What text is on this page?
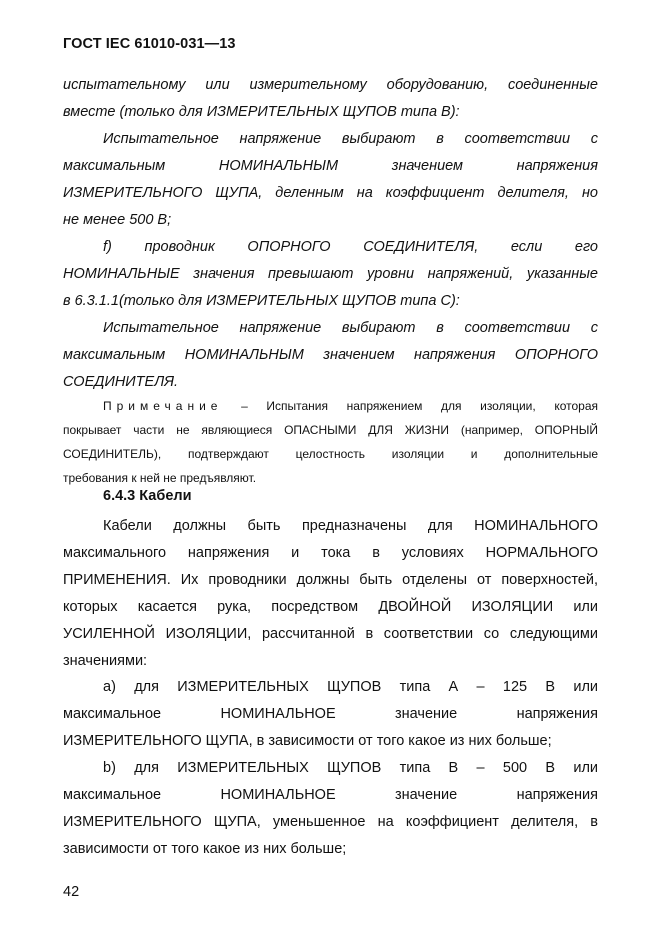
ГОСТ IEC 61010-031—13
испытательному или измерительному оборудованию, соединенные
вместе (только для ИЗМЕРИТЕЛЬНЫХ ЩУПОВ типа В):
Испытательное напряжение выбирают в соответствии с
максимальным НОМИНАЛЬНЫМ значением напряжения
ИЗМЕРИТЕЛЬНОГО ЩУПА, деленным на коэффициент делителя, но
не менее 500 В;
f) проводник ОПОРНОГО СОЕДИНИТЕЛЯ, если его
НОМИНАЛЬНЫЕ значения превышают уровни напряжений, указанные
в 6.3.1.1(только для ИЗМЕРИТЕЛЬНЫХ ЩУПОВ типа С):
Испытательное напряжение выбирают в соответствии с
максимальным НОМИНАЛЬНЫМ значением напряжения ОПОРНОГО
СОЕДИНИТЕЛЯ.
Примечание – Испытания напряжением для изоляции, которая
покрывает части не являющиеся ОПАСНЫМИ ДЛЯ ЖИЗНИ (например, ОПОРНЫЙ
СОЕДИНИТЕЛЬ), подтверждают целостность изоляции и дополнительные
требования к ней не предъявляют.
6.4.3 Кабели
Кабели должны быть предназначены для НОМИНАЛЬНОГО
максимального напряжения и тока в условиях НОРМАЛЬНОГО
ПРИМЕНЕНИЯ. Их проводники должны быть отделены от поверхностей,
которых касается рука, посредством ДВОЙНОЙ ИЗОЛЯЦИИ или
УСИЛЕННОЙ ИЗОЛЯЦИИ, рассчитанной в соответствии со следующими
значениями:
a) для ИЗМЕРИТЕЛЬНЫХ ЩУПОВ типа А – 125 В или
максимальное НОМИНАЛЬНОЕ значение напряжения
ИЗМЕРИТЕЛЬНОГО ЩУПА, в зависимости от того какое из них больше;
b) для ИЗМЕРИТЕЛЬНЫХ ЩУПОВ типа В – 500 В или
максимальное НОМИНАЛЬНОЕ значение напряжения
ИЗМЕРИТЕЛЬНОГО ЩУПА, уменьшенное на коэффициент делителя, в
зависимости от того какое из них больше;
42
